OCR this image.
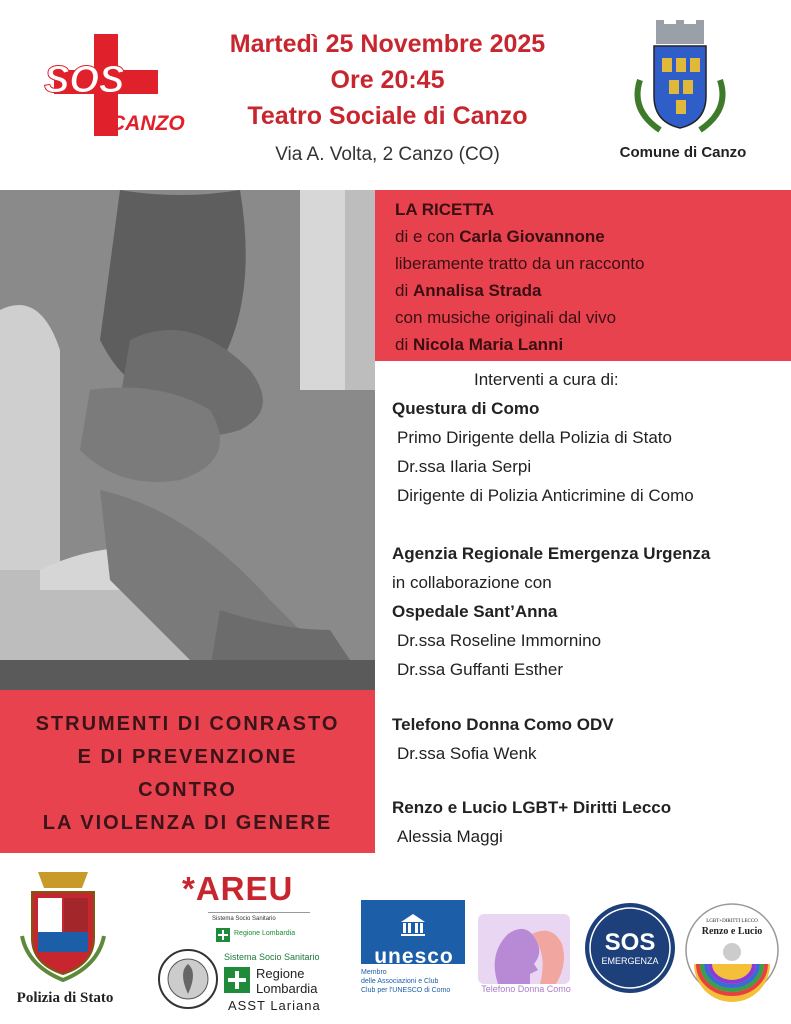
SOS
CANZO
Martedì 25 Novembre 2025
Ore 20:45
Teatro Sociale di Canzo
Via A. Volta, 2 Canzo (CO)	Comune di Canzo
LA RICETTA
di e con Carla Giovannone
liberamente tratto da un racconto
di Annalisa Strada
con musiche originali dal vivo
di Nicola Maria Lanni
Interventi a cura di:
Questura di Como
Primo Dirigente della Polizia di Stato
Dr.ssa Ilaria Serpi
Dirigente di Polizia Anticrimine di Como
Agenzia Regionale Emergenza Urgenza
in collaborazione con
Ospedale Sant’Anna
Dr.ssa Roseline Immornino
Dr.ssa Guffanti Esther
Telefono Donna Como ODV
Dr.ssa Sofia Wenk
Renzo e Lucio LGBT+ Diritti Lecco
Alessia Maggi
STRUMENTI DI CONRASTO
E DI PREVENZIONE
CONTRO
LA VIOLENZA DI GENERE
Polizia di Stato
*AREU
Sistema Socio Sanitario
Regione Lombardia
Sistema Socio Sanitario
Regione
Lombardia
ASST Lariana
unesco
Membro
delle Associazioni e Club
Club per l'UNESCO di Como	Telefono Donna Como
SOS
EMERGENZA
LGBT+DIRITTI LECCO
Renzo e Lucio
